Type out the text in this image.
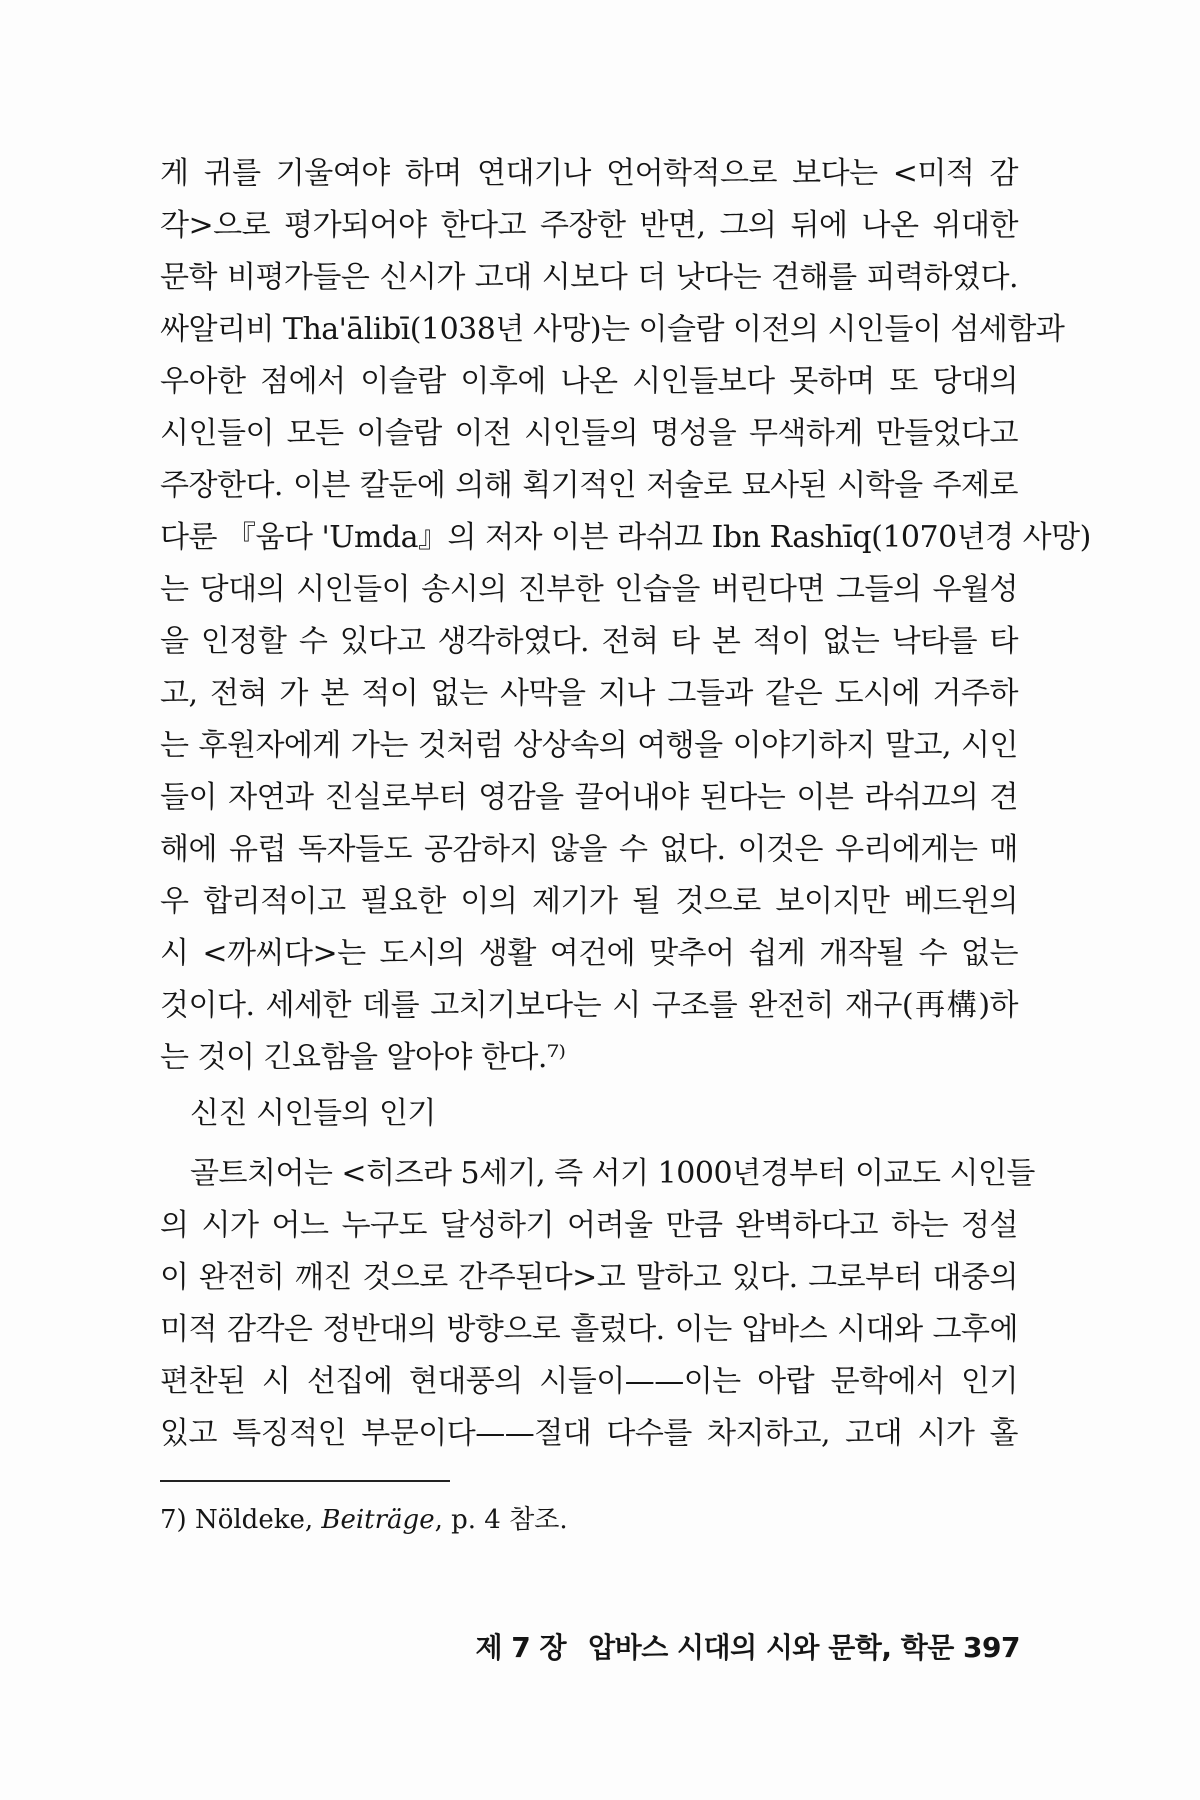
게 귀를 기울여야 하며 연대기나 언어학적으로 보다는 <미적 감
각>으로 평가되어야 한다고 주장한 반면, 그의 뒤에 나온 위대한
문학 비평가들은 신시가 고대 시보다 더 낫다는 견해를 피력하였다.
싸알리비 Tha'ālibī(1038년 사망)는 이슬람 이전의 시인들이 섬세함과
우아한 점에서 이슬람 이후에 나온 시인들보다 못하며 또 당대의
시인들이 모든 이슬람 이전 시인들의 명성을 무색하게 만들었다고
주장한다. 이븐 칼둔에 의해 획기적인 저술로 묘사된 시학을 주제로
다룬 『움다 'Umda』의 저자 이븐 라쉬끄 Ibn Rashīq(1070년경 사망)
는 당대의 시인들이 송시의 진부한 인습을 버린다면 그들의 우월성
을 인정할 수 있다고 생각하였다. 전혀 타 본 적이 없는 낙타를 타
고, 전혀 가 본 적이 없는 사막을 지나 그들과 같은 도시에 거주하
는 후원자에게 가는 것처럼 상상속의 여행을 이야기하지 말고, 시인
들이 자연과 진실로부터 영감을 끌어내야 된다는 이븐 라쉬끄의 견
해에 유럽 독자들도 공감하지 않을 수 없다. 이것은 우리에게는 매
우 합리적이고 필요한 이의 제기가 될 것으로 보이지만 베드윈의
시 <까씨다>는 도시의 생활 여건에 맞추어 쉽게 개작될 수 없는
것이다. 세세한 데를 고치기보다는 시 구조를 완전히 재구(再構)하
는 것이 긴요함을 알아야 한다.⁷⁾
신진 시인들의 인기
골트치어는 <히즈라 5세기, 즉 서기 1000년경부터 이교도 시인들
의 시가 어느 누구도 달성하기 어려울 만큼 완벽하다고 하는 정설
이 완전히 깨진 것으로 간주된다>고 말하고 있다. 그로부터 대중의
미적 감각은 정반대의 방향으로 흘렀다. 이는 압바스 시대와 그후에
편찬된 시 선집에 현대풍의 시들이——이는 아랍 문학에서 인기
있고 특징적인 부문이다——절대 다수를 차지하고, 고대 시가 홀
7) Nöldeke, Beiträge, p. 4 참조.
제 7 장 압바스 시대의 시와 문학, 학문 397
